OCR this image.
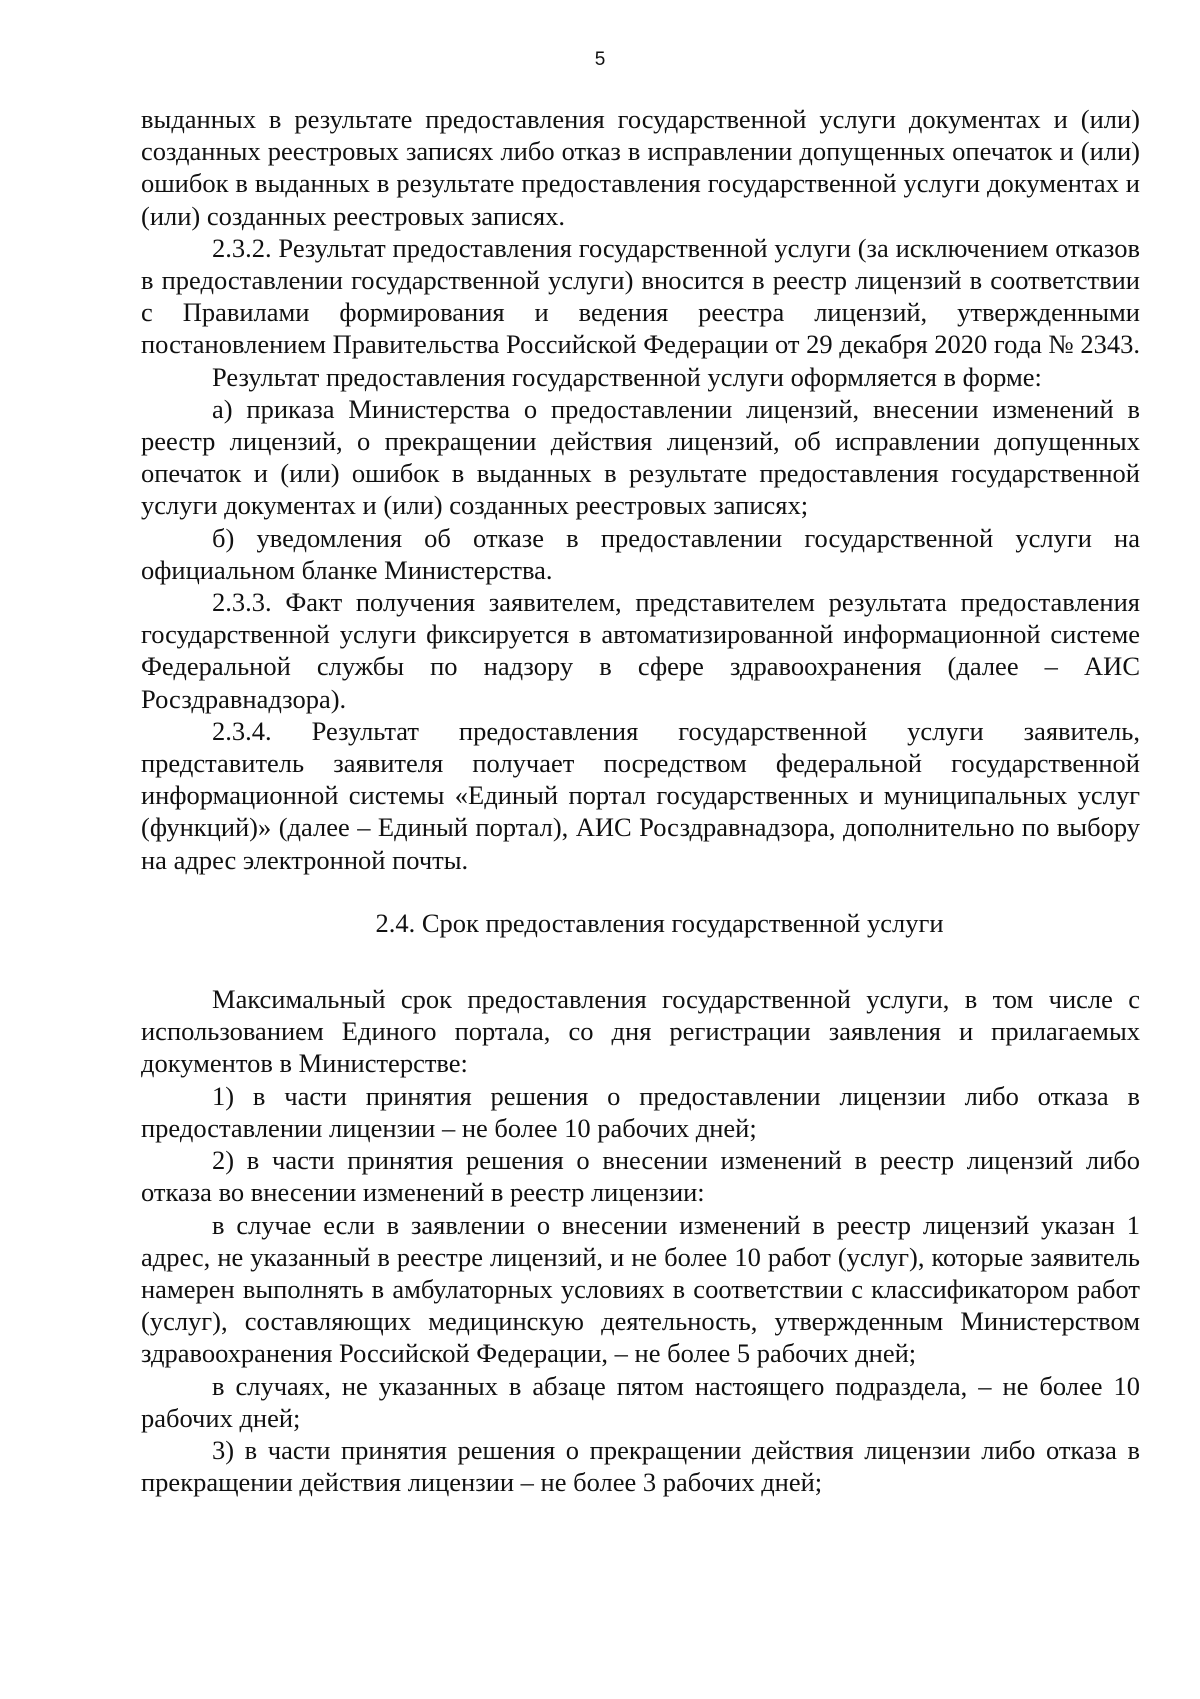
5

выданных в результате предоставления государственной услуги документах и (или) созданных реестровых записях либо отказ в исправлении допущенных опечаток и (или) ошибок в выданных в результате предоставления государственной услуги документах и (или) созданных реестровых записях.

2.3.2. Результат предоставления государственной услуги (за исключением отказов в предоставлении государственной услуги) вносится в реестр лицензий в соответствии с Правилами формирования и ведения реестра лицензий, утвержденными постановлением Правительства Российской Федерации от 29 декабря 2020 года № 2343.

Результат предоставления государственной услуги оформляется в форме:

а) приказа Министерства о предоставлении лицензий, внесении изменений в реестр лицензий, о прекращении действия лицензий, об исправлении допущенных опечаток и (или) ошибок в выданных в результате предоставления государственной услуги документах и (или) созданных реестровых записях;

б) уведомления об отказе в предоставлении государственной услуги на официальном бланке Министерства.

2.3.3. Факт получения заявителем, представителем результата предоставления государственной услуги фиксируется в автоматизированной информационной системе Федеральной службы по надзору в сфере здравоохранения (далее – АИС Росздравнадзора).

2.3.4. Результат предоставления государственной услуги заявитель, представитель заявителя получает посредством федеральной государственной информационной системы «Единый портал государственных и муниципальных услуг (функций)» (далее – Единый портал), АИС Росздравнадзора, дополнительно по выбору на адрес электронной почты.

2.4. Срок предоставления государственной услуги

Максимальный срок предоставления государственной услуги, в том числе с использованием Единого портала, со дня регистрации заявления и прилагаемых документов в Министерстве:

1) в части принятия решения о предоставлении лицензии либо отказа в предоставлении лицензии – не более 10 рабочих дней;

2) в части принятия решения о внесении изменений в реестр лицензий либо отказа во внесении изменений в реестр лицензии:

в случае если в заявлении о внесении изменений в реестр лицензий указан 1 адрес, не указанный в реестре лицензий, и не более 10 работ (услуг), которые заявитель намерен выполнять в амбулаторных условиях в соответствии с классификатором работ (услуг), составляющих медицинскую деятельность, утвержденным Министерством здравоохранения Российской Федерации, – не более 5 рабочих дней;

в случаях, не указанных в абзаце пятом настоящего подраздела, – не более 10 рабочих дней;

3) в части принятия решения о прекращении действия лицензии либо отказа в прекращении действия лицензии – не более 3 рабочих дней;
